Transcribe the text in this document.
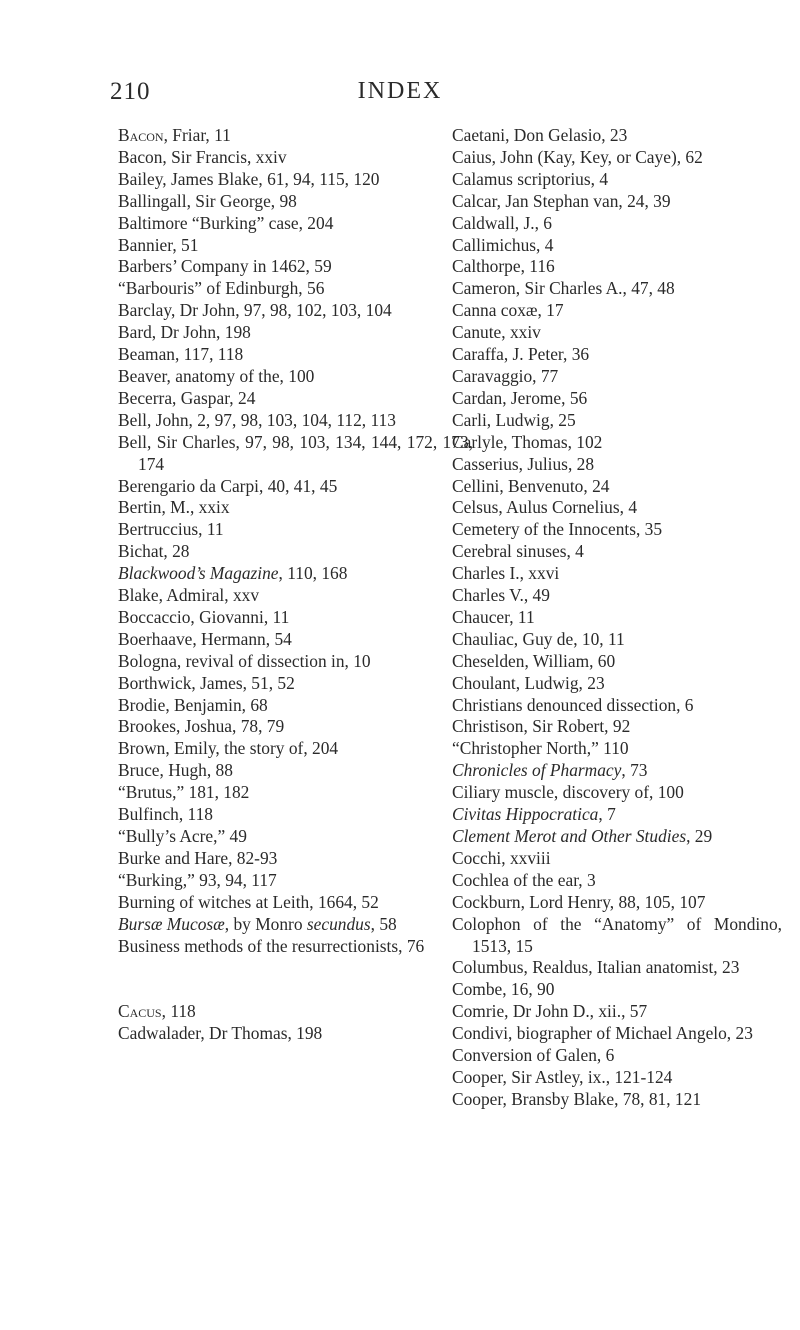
210	INDEX
Bacon, Friar, 11
Bacon, Sir Francis, xxiv
Bailey, James Blake, 61, 94, 115, 120
Ballingall, Sir George, 98
Baltimore “Burking” case, 204
Bannier, 51
Barbers’ Company in 1462, 59
“Barbouris” of Edinburgh, 56
Barclay, Dr John, 97, 98, 102, 103, 104
Bard, Dr John, 198
Beaman, 117, 118
Beaver, anatomy of the, 100
Becerra, Gaspar, 24
Bell, John, 2, 97, 98, 103, 104, 112, 113
Bell, Sir Charles, 97, 98, 103, 134, 144, 172, 173, 174
Berengario da Carpi, 40, 41, 45
Bertin, M., xxix
Bertruccius, 11
Bichat, 28
Blackwood’s Magazine, 110, 168
Blake, Admiral, xxv
Boccaccio, Giovanni, 11
Boerhaave, Hermann, 54
Bologna, revival of dissection in, 10
Borthwick, James, 51, 52
Brodie, Benjamin, 68
Brookes, Joshua, 78, 79
Brown, Emily, the story of, 204
Bruce, Hugh, 88
“Brutus,” 181, 182
Bulfinch, 118
“Bully’s Acre,” 49
Burke and Hare, 82-93
“Burking,” 93, 94, 117
Burning of witches at Leith, 1664, 52
Bursæ Mucosæ, by Monro secundus, 58
Business methods of the resurrectionists, 76
Cacus, 118
Cadwalader, Dr Thomas, 198
Caetani, Don Gelasio, 23
Caius, John (Kay, Key, or Caye), 62
Calamus scriptorius, 4
Calcar, Jan Stephan van, 24, 39
Caldwall, J., 6
Callimichus, 4
Calthorpe, 116
Cameron, Sir Charles A., 47, 48
Canna coxæ, 17
Canute, xxiv
Caraffa, J. Peter, 36
Caravaggio, 77
Cardan, Jerome, 56
Carli, Ludwig, 25
Carlyle, Thomas, 102
Casserius, Julius, 28
Cellini, Benvenuto, 24
Celsus, Aulus Cornelius, 4
Cemetery of the Innocents, 35
Cerebral sinuses, 4
Charles I., xxvi
Charles V., 49
Chaucer, 11
Chauliac, Guy de, 10, 11
Cheselden, William, 60
Choulant, Ludwig, 23
Christians denounced dissection, 6
Christison, Sir Robert, 92
“Christopher North,” 110
Chronicles of Pharmacy, 73
Ciliary muscle, discovery of, 100
Civitas Hippocratica, 7
Clement Merot and Other Studies, 29
Cocchi, xxviii
Cochlea of the ear, 3
Cockburn, Lord Henry, 88, 105, 107
Colophon of the “Anatomy” of Mondino, 1513, 15
Columbus, Realdus, Italian anatomist, 23
Combe, 16, 90
Comrie, Dr John D., xii., 57
Condivi, biographer of Michael Angelo, 23
Conversion of Galen, 6
Cooper, Sir Astley, ix., 121-124
Cooper, Bransby Blake, 78, 81, 121
